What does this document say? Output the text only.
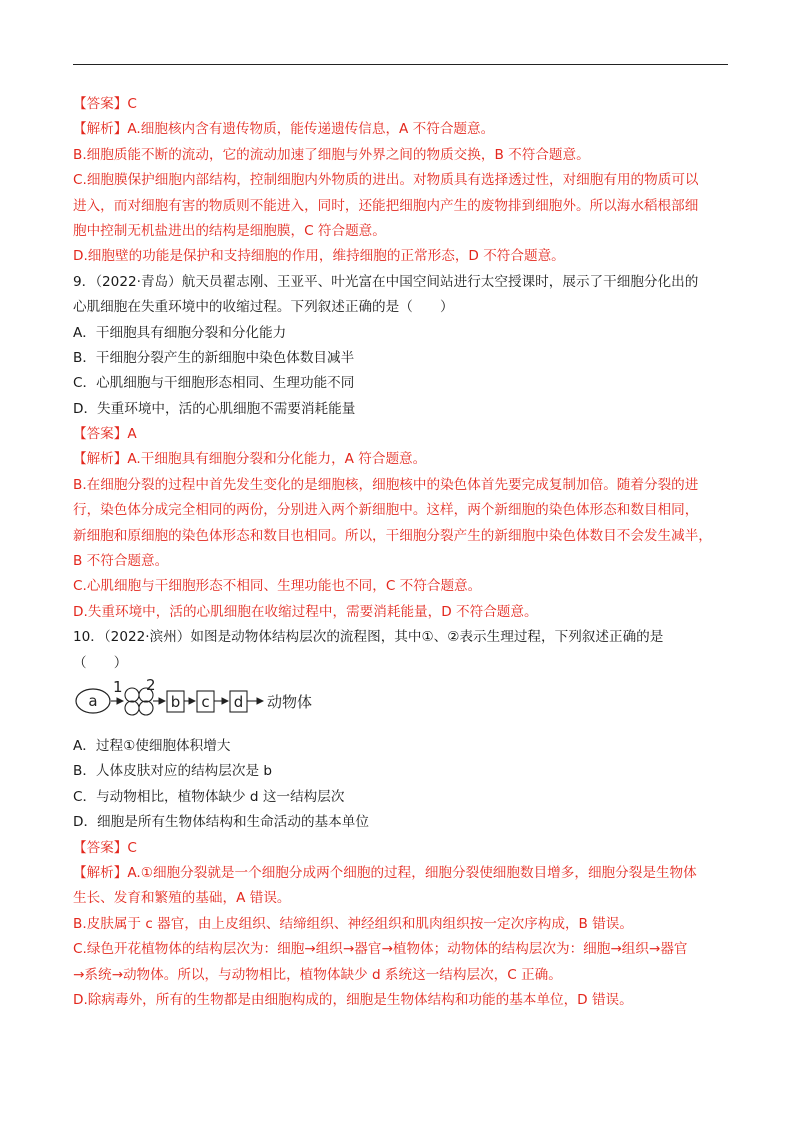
【答案】C
【解析】A.细胞核内含有遗传物质，能传递遗传信息，A 不符合题意。
B.细胞质能不断的流动，它的流动加速了细胞与外界之间的物质交换，B 不符合题意。
C.细胞膜保护细胞内部结构，控制细胞内外物质的进出。对物质具有选择透过性，对细胞有用的物质可以
进入，而对细胞有害的物质则不能进入，同时，还能把细胞内产生的废物排到细胞外。所以海水稻根部细
胞中控制无机盐进出的结构是细胞膜，C 符合题意。
D.细胞壁的功能是保护和支持细胞的作用，维持细胞的正常形态，D 不符合题意。
9．（2022·青岛）航天员翟志刚、王亚平、叶光富在中国空间站进行太空授课时，展示了干细胞分化出的
心肌细胞在失重环境中的收缩过程。下列叙述正确的是（　　）
A．干细胞具有细胞分裂和分化能力
B．干细胞分裂产生的新细胞中染色体数目减半
C．心肌细胞与干细胞形态相同、生理功能不同
D．失重环境中，活的心肌细胞不需要消耗能量
【答案】A
【解析】A.干细胞具有细胞分裂和分化能力，A 符合题意。
B.在细胞分裂的过程中首先发生变化的是细胞核，细胞核中的染色体首先要完成复制加倍。随着分裂的进
行，染色体分成完全相同的两份，分别进入两个新细胞中。这样，两个新细胞的染色体形态和数目相同，
新细胞和原细胞的染色体形态和数目也相同。所以，干细胞分裂产生的新细胞中染色体数目不会发生减半，
B 不符合题意。
C.心肌细胞与干细胞形态不相同、生理功能也不同，C 不符合题意。
D.失重环境中，活的心肌细胞在收缩过程中，需要消耗能量，D 不符合题意。
10．（2022·滨州）如图是动物体结构层次的流程图，其中①、②表示生理过程，下列叙述正确的是
（　　）
a
1 2
b c d 动物体
A．过程①使细胞体积增大
B．人体皮肤对应的结构层次是 b
C．与动物相比，植物体缺少 d 这一结构层次
D．细胞是所有生物体结构和生命活动的基本单位
【答案】C
【解析】A.①细胞分裂就是一个细胞分成两个细胞的过程，细胞分裂使细胞数目增多，细胞分裂是生物体
生长、发育和繁殖的基础，A 错误。
B.皮肤属于 c 器官，由上皮组织、结缔组织、神经组织和肌肉组织按一定次序构成，B 错误。
C.绿色开花植物体的结构层次为：细胞→组织→器官→植物体；动物体的结构层次为：细胞→组织→器官
→系统→动物体。所以，与动物相比，植物体缺少 d 系统这一结构层次，C 正确。
D.除病毒外，所有的生物都是由细胞构成的，细胞是生物体结构和功能的基本单位，D 错误。
